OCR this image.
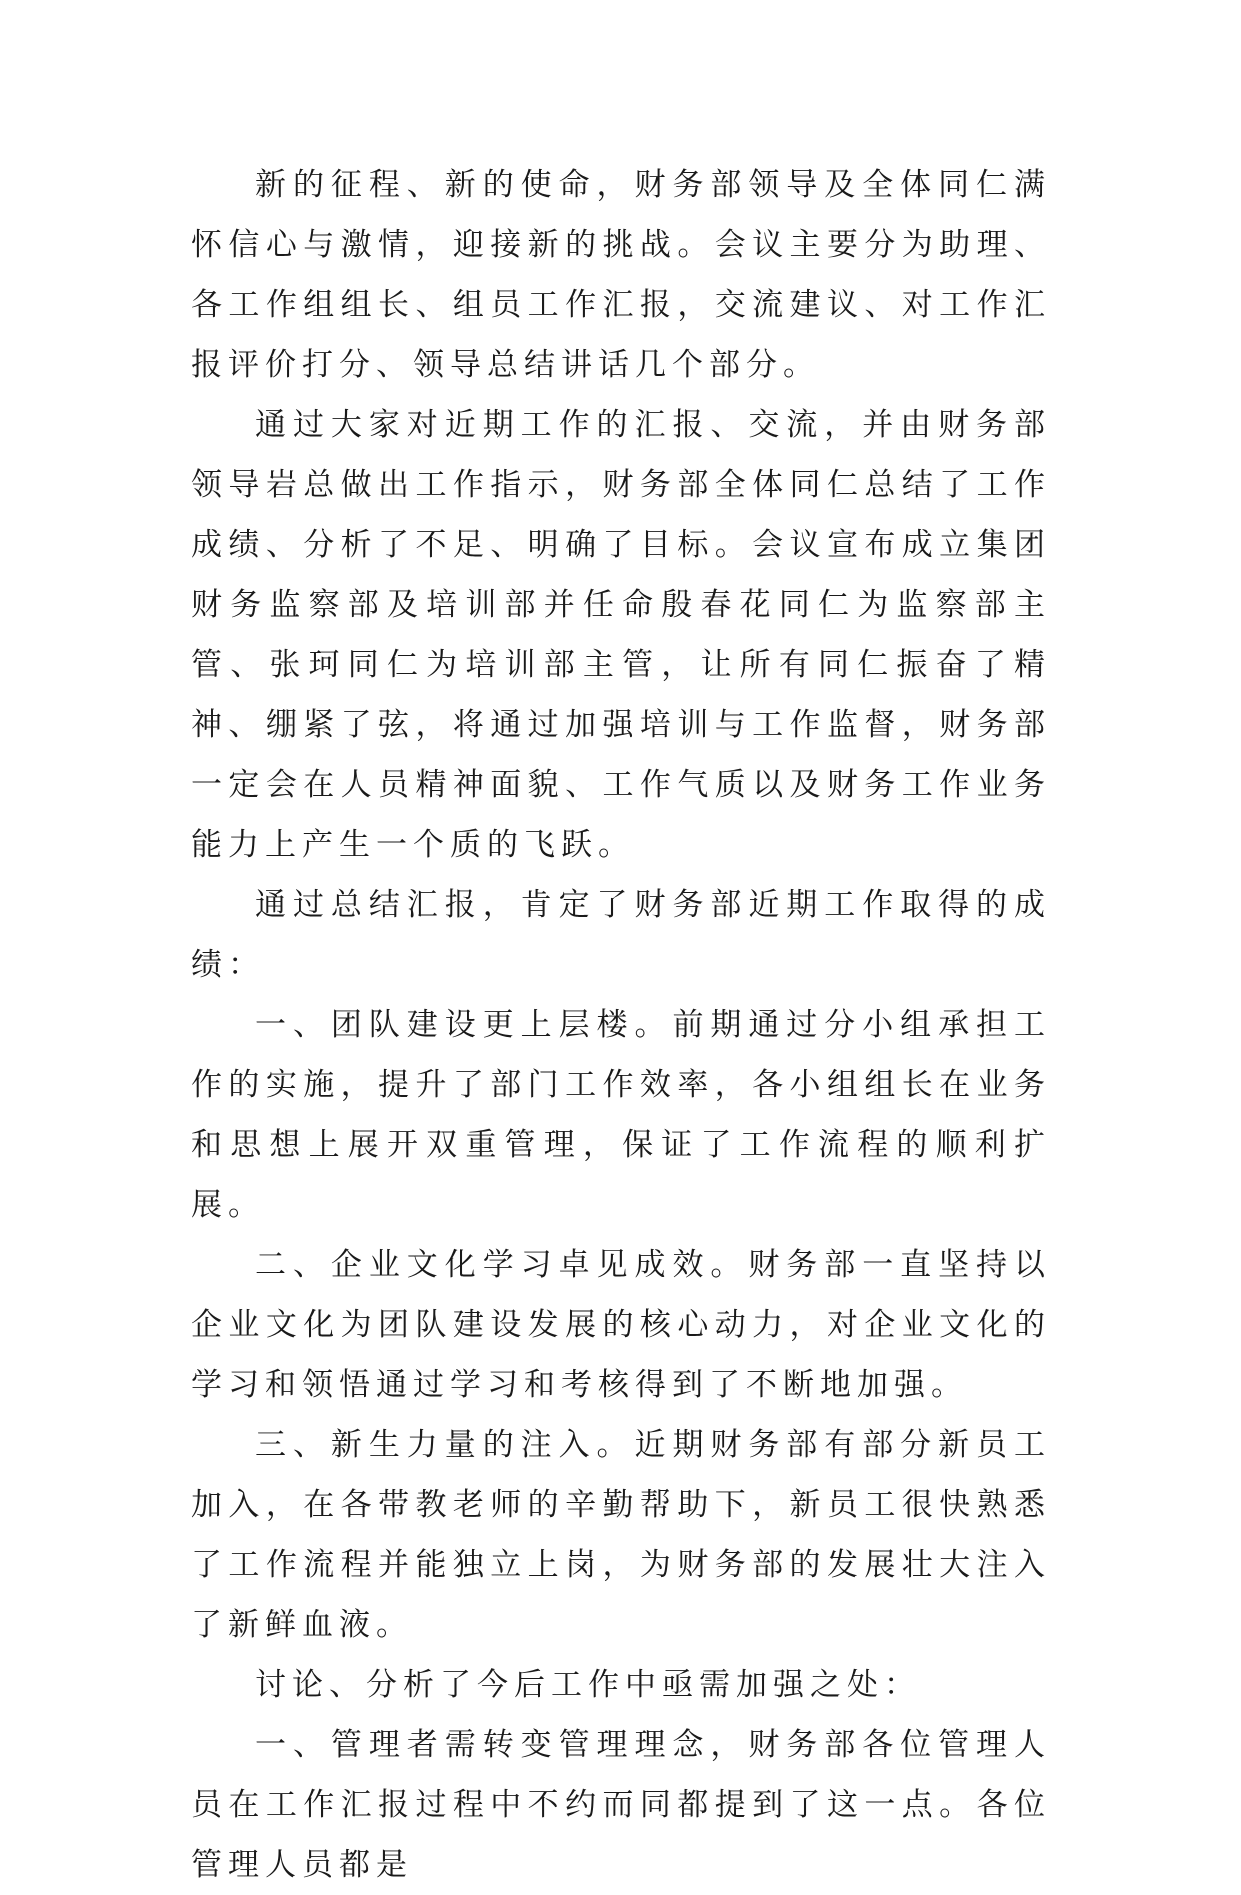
新的征程、新的使命，财务部领导及全体同仁满怀信心与激情，迎接新的挑战。会议主要分为助理、各工作组组长、组员工作汇报，交流建议、对工作汇报评价打分、领导总结讲话几个部分。

通过大家对近期工作的汇报、交流，并由财务部领导岩总做出工作指示，财务部全体同仁总结了工作成绩、分析了不足、明确了目标。会议宣布成立集团财务监察部及培训部并任命殷春花同仁为监察部主管、张珂同仁为培训部主管，让所有同仁振奋了精神、绷紧了弦，将通过加强培训与工作监督，财务部一定会在人员精神面貌、工作气质以及财务工作业务能力上产生一个质的飞跃。

通过总结汇报，肯定了财务部近期工作取得的成绩：

一、团队建设更上层楼。前期通过分小组承担工作的实施，提升了部门工作效率，各小组组长在业务和思想上展开双重管理，保证了工作流程的顺利扩展。

二、企业文化学习卓见成效。财务部一直坚持以企业文化为团队建设发展的核心动力，对企业文化的学习和领悟通过学习和考核得到了不断地加强。

三、新生力量的注入。近期财务部有部分新员工加入，在各带教老师的辛勤帮助下，新员工很快熟悉了工作流程并能独立上岗，为财务部的发展壮大注入了新鲜血液。

讨论、分析了今后工作中亟需加强之处：

一、管理者需转变管理理念，财务部各位管理人员在工作汇报过程中不约而同都提到了这一点。各位管理人员都是
